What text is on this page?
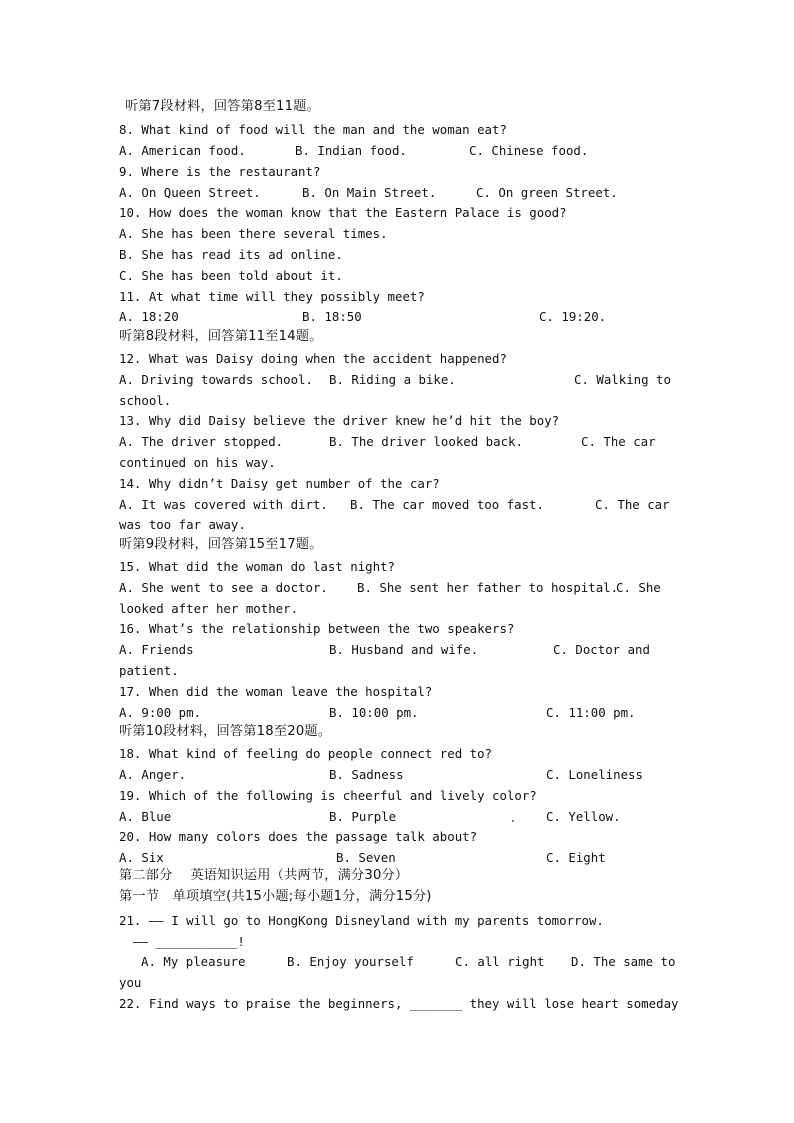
听第7段材料，回答第8至11题。
8. What kind of food will the man and the woman eat?
A. American food.	B. Indian food.	C. Chinese food.
9. Where is the restaurant?
A. On Queen Street.	B. On Main Street.	C. On green Street.
10. How does the woman know that the Eastern Palace is good?
A. She has been there several times.
B. She has read its ad online.
C. She has been told about it.
11. At what time will they possibly meet?
A. 18:20	B. 18:50	C. 19:20.
听第8段材料，回答第11至14题。
12. What was Daisy doing when the accident happened?
A. Driving towards school. B. Riding a bike.	C. Walking to
school.
13. Why did Daisy believe the driver knew he’d hit the boy?
A. The driver stopped.	B. The driver looked back.	C. The car
continued on his way.
14. Why didn’t Daisy get number of the car?
A. It was covered with dirt. B. The car moved too fast.	C. The car
was too far away.
听第9段材料，回答第15至17题。
15. What did the woman do last night?
A. She went to see a doctor. B. She sent her father to hospital.
C. She
looked after her mother.
16. What’s the relationship between the two speakers?
A. Friends	B. Husband and wife.	C. Doctor and
patient.
17. When did the woman leave the hospital?
A. 9:00 pm.	B. 10:00 pm.	C. 11:00 pm.
听第10段材料，回答第18至20题。
18. What kind of feeling do people connect red to?
A. Anger.	B. Sadness	C. Loneliness
19. Which of the following is cheerful and lively color?
A. Blue	B. Purple	C. Yellow.
20. How many colors does the passage talk about?
A. Six	B. Seven	C. Eight
第二部分　 英语知识运用（共两节，满分30分）
第一节　单项填空(共15小题;每小题1分，满分15分)
21. —— I will go to HongKong Disneyland with my parents tomorrow.
—— ___________!
A. My pleasure	B. Enjoy yourself	C. all right D. The same to
you
22. Find ways to praise the beginners, _______ they will lose heart someday
